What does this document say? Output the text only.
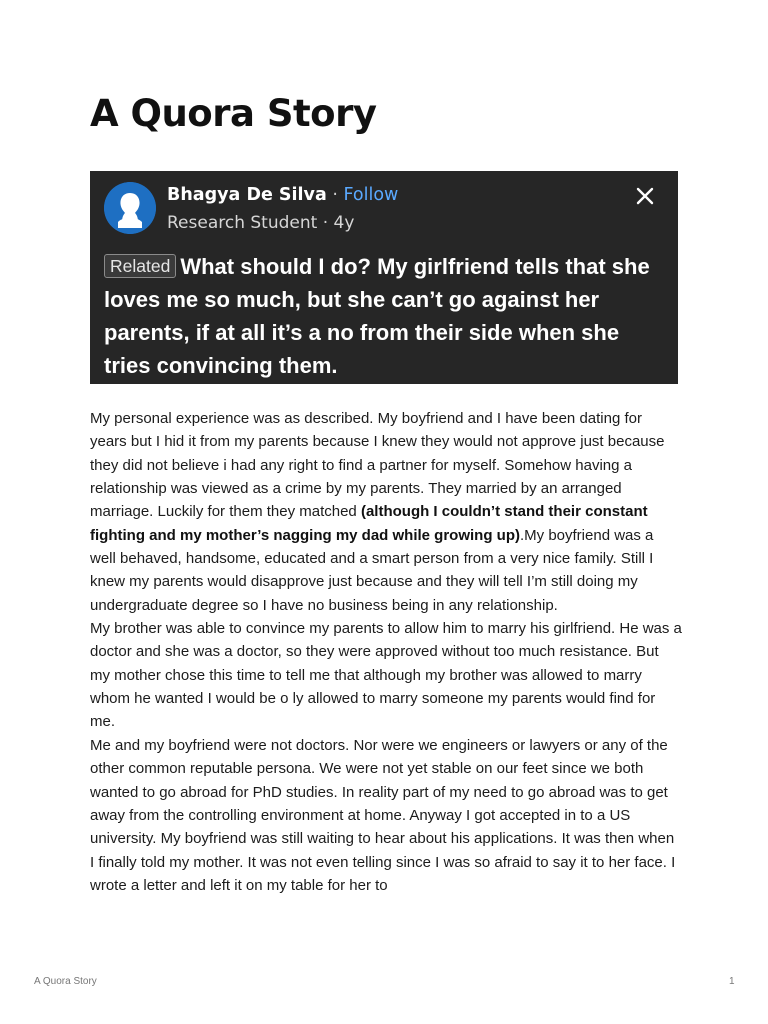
A Quora Story
Bhagya De Silva · Follow
Research Student · 4y
Related What should I do? My girlfriend tells that she loves me so much, but she can’t go against her parents, if at all it’s a no from their side when she tries convincing them.

My personal experience was as described. My boyfriend and I have been dating for years but I hid it from my parents because I knew they would not approve just because they did not believe i had any right to find a partner for myself. Somehow having a relationship was viewed as a crime by my parents. They married by an arranged marriage. Luckily for them they matched (although I couldn’t stand their constant fighting and my mother’s nagging my dad while growing up).My boyfriend was a well behaved, handsome, educated and a smart person from a very nice family. Still I knew my parents would disapprove just because and they will tell I’m still doing my undergraduate degree so I have no business being in any relationship.

My brother was able to convince my parents to allow him to marry his girlfriend. He was a doctor and she was a doctor, so they were approved without too much resistance. But my mother chose this time to tell me that although my brother was allowed to marry whom he wanted I would be o ly allowed to marry someone my parents would find for me.

Me and my boyfriend were not doctors. Nor were we engineers or lawyers or any of the other common reputable persona. We were not yet stable on our feet since we both wanted to go abroad for PhD studies. In reality part of my need to go abroad was to get away from the controlling environment at home. Anyway I got accepted in to a US university. My boyfriend was still waiting to hear about his applications. It was then when I finally told my mother. It was not even telling since I was so afraid to say it to her face. I wrote a letter and left it on my table for her to

A Quora Story	1
